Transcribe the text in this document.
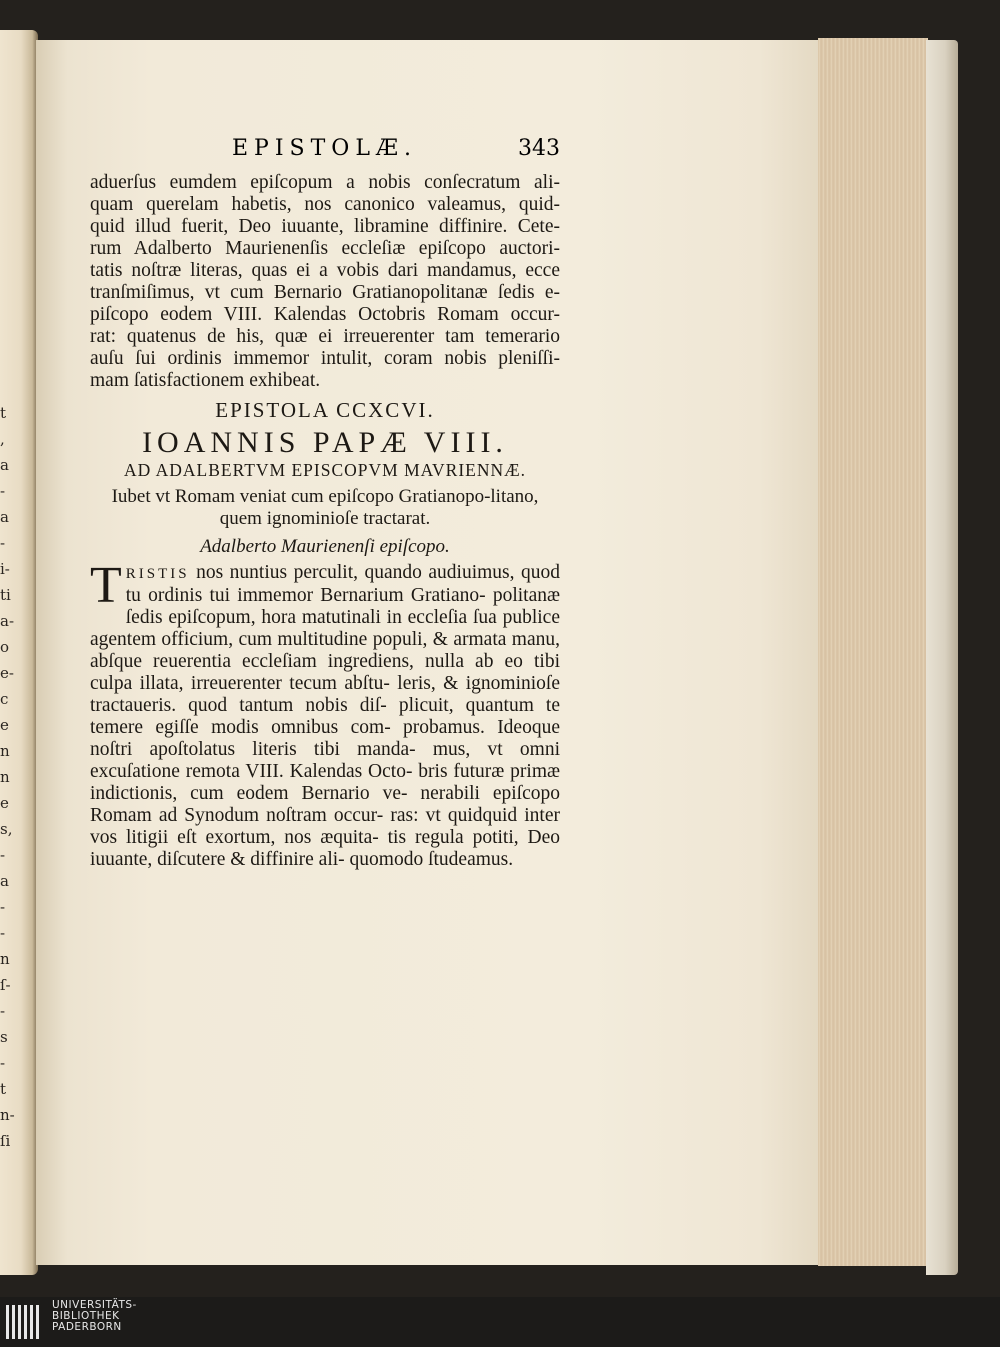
t
,
a
-
a
-
i-
ti
a-
o
e-
c
e
n
n
e
s,
-
a
-
-
n
ſ-
-
s
-
t
n-
ſi
EPISTOLÆ.	343

aduerſus eumdem epiſcopum a nobis conſecratum ali-

quam querelam habetis, nos canonico valeamus, quid-

quid illud fuerit, Deo iuuante, libramine diffinire. Cete-

rum Adalberto Maurienenſis eccleſiæ epiſcopo auctori-

tatis noſtræ literas, quas ei a vobis dari mandamus, ecce

tranſmiſimus, vt cum Bernario Gratianopolitanæ ſedis e-

piſcopo eodem VIII. Kalendas Octobris Romam occur-

rat: quatenus de his, quæ ei irreuerenter tam temerario

auſu ſui ordinis immemor intulit, coram nobis pleniſſi-

mam ſatisfactionem exhibeat.

EPISTOLA CCXCVI.
IOANNIS PAPÆ VIII.
AD ADALBERTVM EPISCOPVM MAVRIENNÆ.
Iubet vt Romam veniat cum epiſcopo Gratianopo-litano, quem ignominioſe tractarat.
Adalberto Maurienenſi epiſcopo.
T RISTIS nos nuntius perculit, quando audiuimus, quod tu ordinis tui immemor Bernarium Gratiano- politanæ ſedis epiſcopum, hora matutinali in eccleſia ſua publice agentem officium, cum multitudine populi, & armata manu, abſque reuerentia eccleſiam ingrediens, nulla ab eo tibi culpa illata, irreuerenter tecum abſtu- leris, & ignominioſe tractaueris. quod tantum nobis diſ- plicuit, quantum te temere egiſſe modis omnibus com- probamus. Ideoque noſtri apoſtolatus literis tibi manda- mus, vt omni excuſatione remota VIII. Kalendas Octo- bris futuræ primæ indictionis, cum eodem Bernario ve- nerabili epiſcopo Romam ad Synodum noſtram occur- ras: vt quidquid inter vos litigii eſt exortum, nos æquita- tis regula potiti, Deo iuuante, diſcutere & diffinire ali- quomodo ſtudeamus.
UNIVERSITÄTS-
BIBLIOTHEK
PADERBORN
